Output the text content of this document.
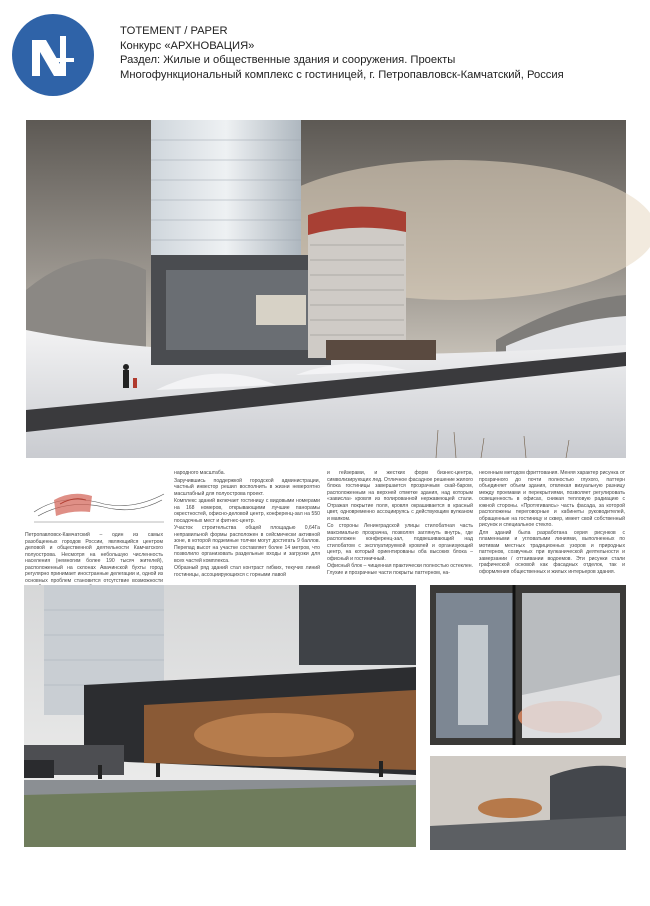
TOTEMENT / PAPER
Конкурс «АРХНОВАЦИЯ»
Раздел: Жилые и общественные здания и сооружения. Проекты
Многофункциональный комплекс с гостиницей, г. Петропавловск-Камчатский, Россия

Петропавловск-Камчатский – один из самых разобщенных городов России, являющийся центром деловой и общественной деятельности Камчатского полуострова. Несмотря на небольшую численность населения (немногим более 190 тысяч жителей), расположенный на склонах Авачинской бухты город регулярно принимает иностранные делегации и, одной из основных проблем становится отсутствие возможности

народного масштаба.

Заручившись поддержкой городской администрации, частный инвестор решил восполнить в жизни невероятно масштабный для полуострова проект.

Комплекс зданий включает гостиницу с видовыми номерами на 168 номеров, открывающими лучшие панорамы окрестностей, офисно-деловой центр, конференц-зал на 550 посадочных мест и фитнес-центр.

Участок строительства общей площадью 0,64Га неправильной формы расположен в сейсмически активной зоне, в которой подземные толчки могут достигать 9 баллов. Перепад высот на участке составляет более 14 метров, что позволило организовать раздельные входы и загрузки для всех частей комплекса.

Образный ряд зданий стал контраст гибких, текучих линий гостиницы, ассоциирующихся с горными лавой

и гейзерами, и жестких форм бизнес-центра, символизирующих лед. Отличное фасадное решение жилого блока гостиницы завершается прозрачным скай-баром, расположенным на верхней отметке здания, над которым «зависла» кровля из полированной нержавеющей стали. Отражая покрытие поля, кровля окрашивается в красный цвет, одновременно ассоциируясь с действующим вулканом и маяком.

Со стороны Ленинградской улицы стилобатная часть максимально прозрачна, позволяя заглянуть внутрь, где расположен конференц-зал, подвешивающий над стилобатом с эксплуатируемой кровлей и организующий центр, на который ориентированы оба высоких блока – офисный и гостиничный.

Офисный блок – чищенная практически полностью остеклен. Глухие и прозрачные части покрыты паттерном, на-

несенным методом фриттования. Меняя характер рисунка от прозрачного до почти полностью глухого, паттерн объединяет объем здания, отвлекая визуальную разницу между проемами и перекрытиями, позволяет регулировать освещенность в офисах, снижая тепловую радиацию с южной стороны. «Протягиваясь» часть фасада, за которой расположены переговорные и кабинеты руководителей, обращенные на гостиницу и сквер, имеет свой собственный рисунок и специальное стекло.

Для зданий была разработана серия рисунков с пламенными и угловатыми линиями, выполненных по мотивам местных традиционных узоров и природных паттернов, созвучных при вулканической деятельности и замерзании / оттаивании водоемов. Эти рисунки стали графической основой как фасадных отделок, так и оформления общественных и жилых интерьеров здания.
